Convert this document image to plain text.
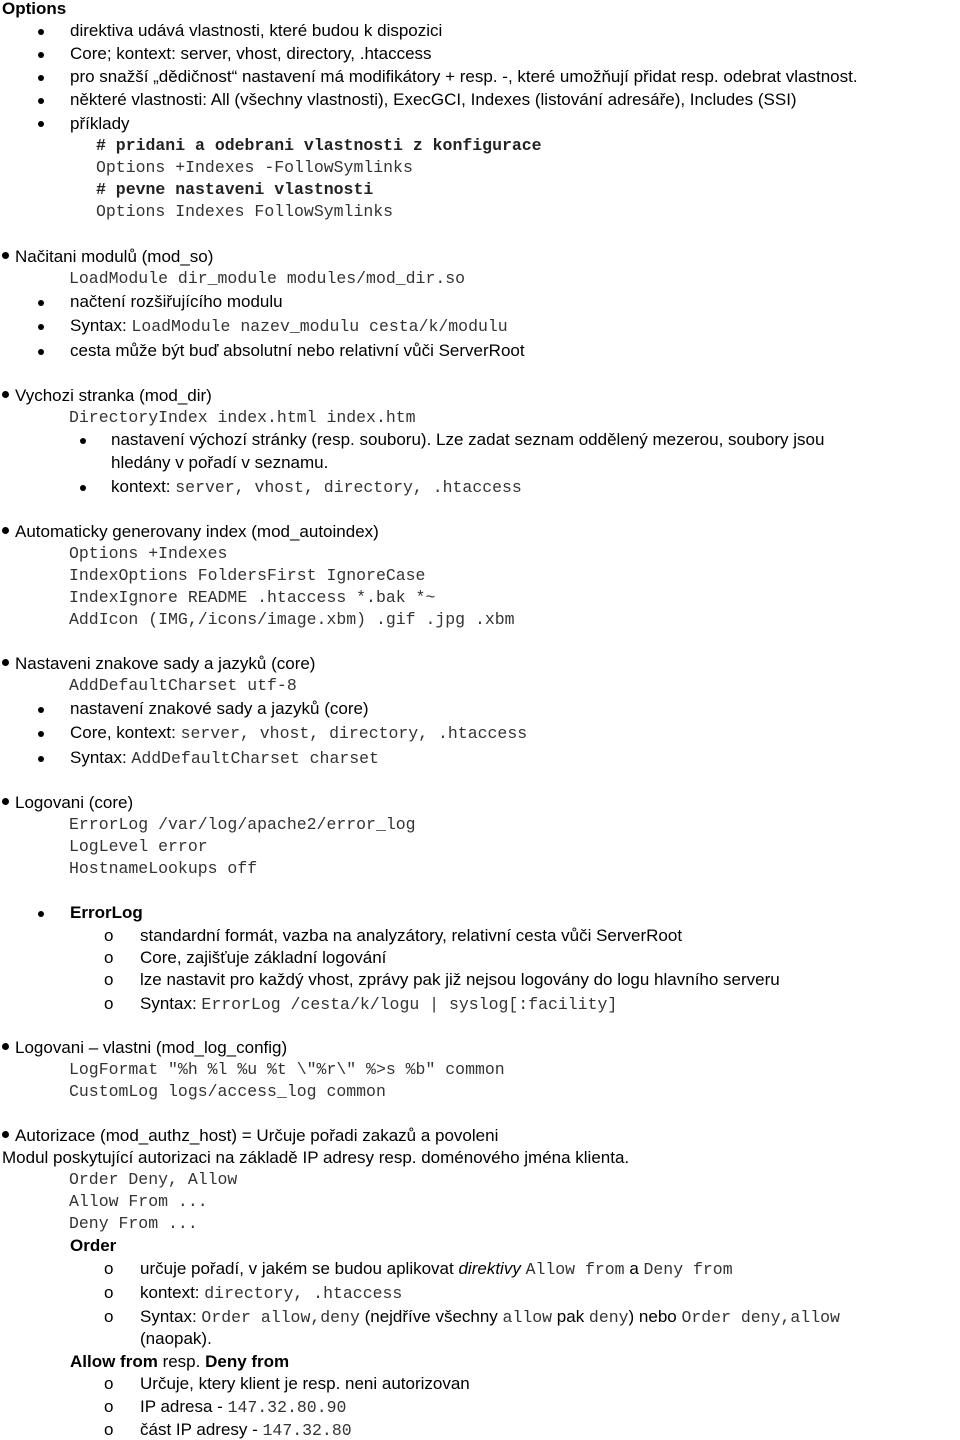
Options
direktiva udává vlastnosti, které budou k dispozici
Core; kontext: server, vhost, directory, .htaccess
pro snažší „dědičnost“ nastavení má modifikátory + resp. -, které umožňují přidat resp. odebrat vlastnost.
některé vlastnosti: All (všechny vlastnosti), ExecGCI, Indexes (listování adresáře), Includes (SSI)
příklady
# pridani a odebrani vlastnosti z konfigurace
Options +Indexes -FollowSymlinks
# pevne nastaveni vlastnosti
Options Indexes FollowSymlinks
Načitani modulů (mod_so)
LoadModule dir_module modules/mod_dir.so
načtení rozšiřujícího modulu
Syntax: LoadModule nazev_modulu cesta/k/modulu
cesta může být buď absolutní nebo relativní vůči ServerRoot
Vychozi stranka (mod_dir)
DirectoryIndex index.html index.htm
nastavení výchozí stránky (resp. souboru). Lze zadat seznam oddělený mezerou, soubory jsou
hledány v pořadí v seznamu.
kontext: server, vhost, directory, .htaccess
Automaticky generovany index (mod_autoindex)
Options +Indexes
IndexOptions FoldersFirst IgnoreCase
IndexIgnore README .htaccess *.bak *~
AddIcon (IMG,/icons/image.xbm) .gif .jpg .xbm
Nastaveni znakove sady a jazyků (core)
AddDefaultCharset utf-8
nastavení znakové sady a jazyků (core)
Core, kontext: server, vhost, directory, .htaccess
Syntax: AddDefaultCharset charset
Logovani (core)
ErrorLog /var/log/apache2/error_log
LogLevel error
HostnameLookups off
ErrorLog
o standardní formát, vazba na analyzátory, relativní cesta vůči ServerRoot
o Core, zajišťuje základní logování
o lze nastavit pro každý vhost, zprávy pak již nejsou logovány do logu hlavního serveru
o Syntax: ErrorLog /cesta/k/logu | syslog[:facility]
Logovani – vlastni (mod_log_config)
LogFormat "%h %l %u %t \"%r\" %>s %b" common
CustomLog logs/access_log common
Autorizace (mod_authz_host) = Určuje pořadi zakazů a povoleni
Modul poskytující autorizaci na základě IP adresy resp. doménového jména klienta.
Order Deny, Allow
Allow From ...
Deny From ...
Order
o určuje pořadí, v jakém se budou aplikovat direktivy Allow from a Deny from
o kontext: directory, .htaccess
o Syntax: Order allow,deny (nejdříve všechny allow pak deny) nebo Order deny,allow
(naopak).
Allow from resp. Deny from
o Určuje, ktery klient je resp. neni autorizovan
o IP adresa - 147.32.80.90
o část IP adresy - 147.32.80
